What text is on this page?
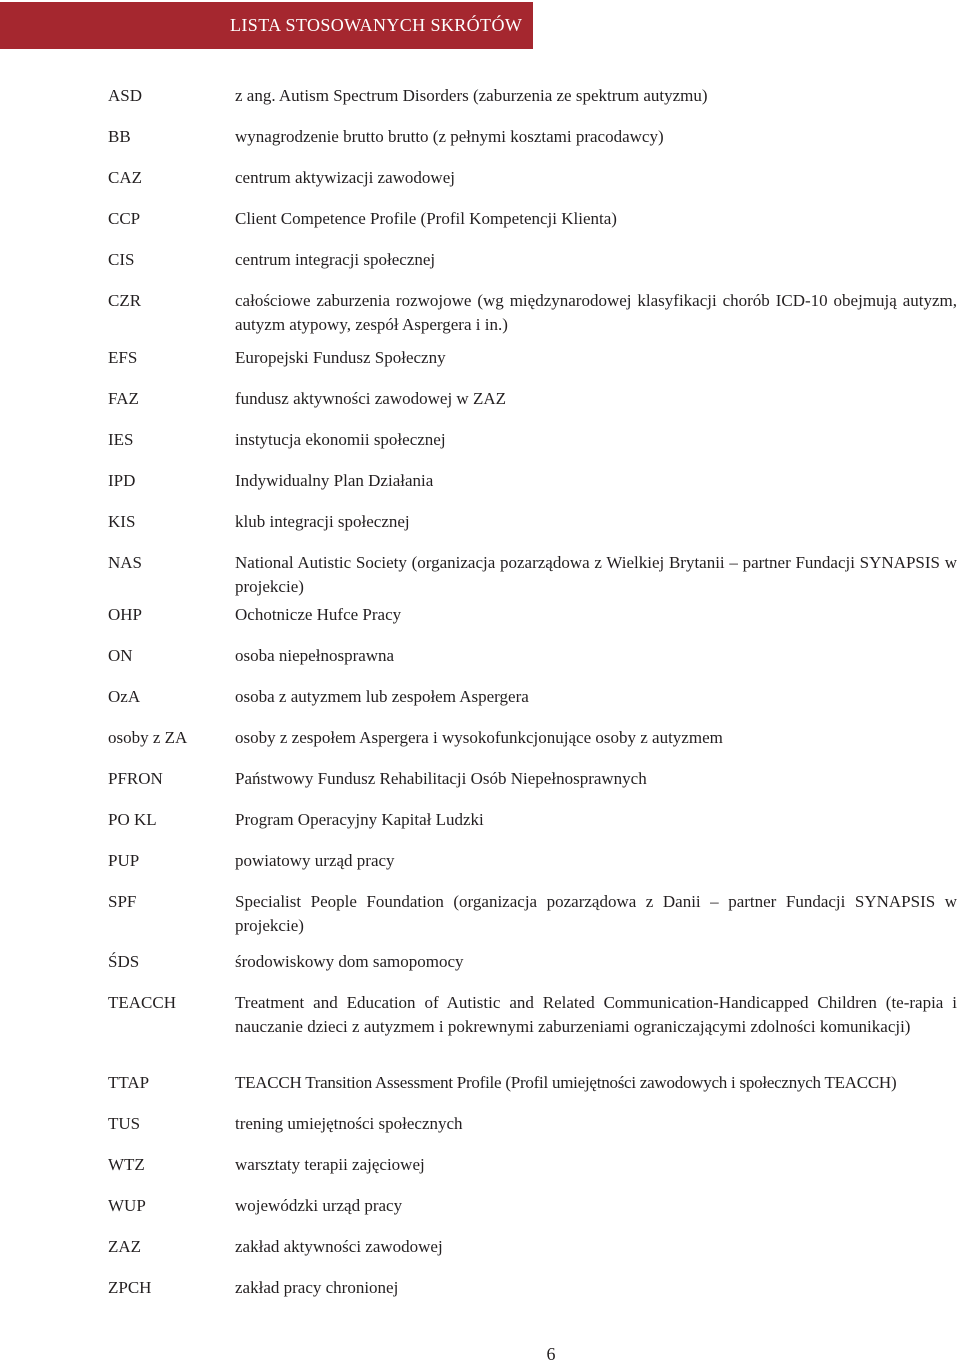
LISTA STOSOWANYCH SKRÓTÓW
ASD	z ang. Autism Spectrum Disorders (zaburzenia ze spektrum autyzmu)
BB	wynagrodzenie brutto brutto (z pełnymi kosztami pracodawcy)
CAZ	centrum aktywizacji zawodowej
CCP	Client Competence Profile (Profil Kompetencji Klienta)
CIS	centrum integracji społecznej
CZR	całościowe zaburzenia rozwojowe (wg międzynarodowej klasyfikacji chorób ICD-10 obejmują autyzm, autyzm atypowy, zespół Aspergera i in.)
EFS	Europejski Fundusz Społeczny
FAZ	fundusz aktywności zawodowej w ZAZ
IES	instytucja ekonomii społecznej
IPD	Indywidualny Plan Działania
KIS	klub integracji społecznej
NAS	National Autistic Society (organizacja pozarządowa z Wielkiej Brytanii – partner Fundacji SYNAPSIS w projekcie)
OHP	Ochotnicze Hufce Pracy
ON	osoba niepełnosprawna
OzA	osoba z autyzmem lub zespołem Aspergera
osoby z ZA	osoby z zespołem Aspergera i wysokofunkcjonujące osoby z autyzmem
PFRON	Państwowy Fundusz Rehabilitacji Osób Niepełnosprawnych
PO KL	Program Operacyjny Kapitał Ludzki
PUP	powiatowy urząd pracy
SPF	Specialist People Foundation (organizacja pozarządowa z Danii – partner Fundacji SYNAPSIS w projekcie)
ŚDS	środowiskowy dom samopomocy
TEACCH	Treatment and Education of Autistic and Related Communication-Handicapped Children (te-rapia i nauczanie dzieci z autyzmem i pokrewnymi zaburzeniami ograniczającymi zdolności komunikacji)
TTAP	TEACCH Transition Assessment Profile (Profil umiejętności zawodowych i społecznych TEACCH)
TUS	trening umiejętności społecznych
WTZ	warsztaty terapii zajęciowej
WUP	wojewódzki urząd pracy
ZAZ	zakład aktywności zawodowej
ZPCH	zakład pracy chronionej
6
